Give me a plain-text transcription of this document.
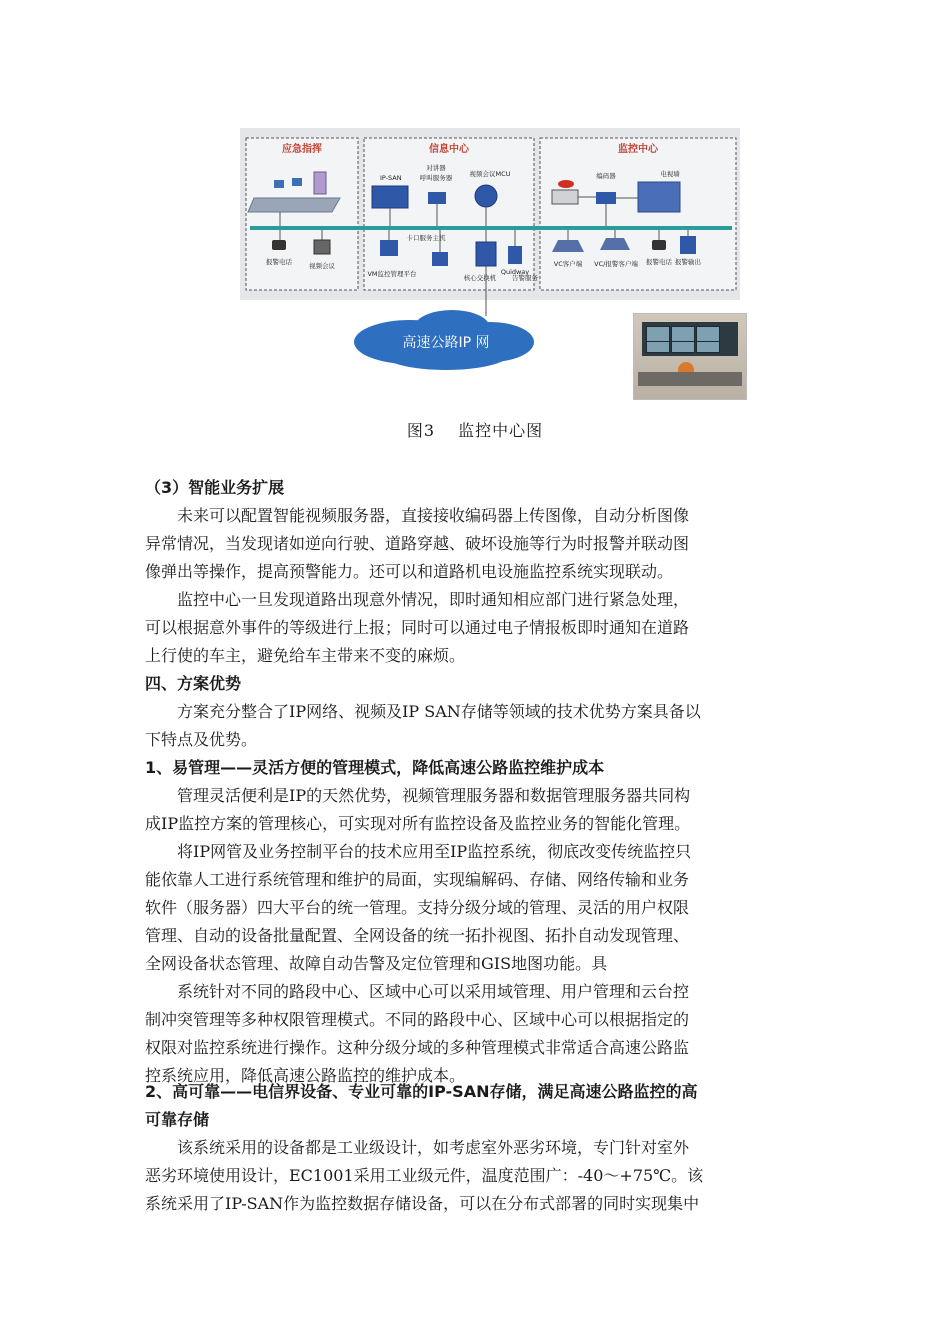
应急指挥	信息中心	监控中心
报警电话	视频会议
IP-SAN
对讲器
呼叫服务器	视频会议MCU
VM监控管理平台
卡口服务主机
核心交换机
Quidway
告警服务
编码器	电视墙
VC客户端 VC/报警客户端 报警电话 报警输出
高速公路IP 网
图3　 监控中心图
（3）智能业务扩展
未来可以配置智能视频服务器，直接接收编码器上传图像，自动分析图像
异常情况，当发现诸如逆向行驶、道路穿越、破坏设施等行为时报警并联动图
像弹出等操作，提高预警能力。还可以和道路机电设施监控系统实现联动。
监控中心一旦发现道路出现意外情况，即时通知相应部门进行紧急处理，
可以根据意外事件的等级进行上报；同时可以通过电子情报板即时通知在道路
上行使的车主，避免给车主带来不变的麻烦。
四、方案优势
方案充分整合了IP网络、视频及IP SAN存储等领域的技术优势方案具备以
下特点及优势。
1、易管理——灵活方便的管理模式，降低高速公路监控维护成本
管理灵活便利是IP的天然优势，视频管理服务器和数据管理服务器共同构
成IP监控方案的管理核心，可实现对所有监控设备及监控业务的智能化管理。
将IP网管及业务控制平台的技术应用至IP监控系统，彻底改变传统监控只
能依靠人工进行系统管理和维护的局面，实现编解码、存储、网络传输和业务
软件（服务器）四大平台的统一管理。支持分级分域的管理、灵活的用户权限
管理、自动的设备批量配置、全网设备的统一拓扑视图、拓扑自动发现管理、
全网设备状态管理、故障自动告警及定位管理和GIS地图功能。具
系统针对不同的路段中心、区域中心可以采用域管理、用户管理和云台控
制冲突管理等多种权限管理模式。不同的路段中心、区域中心可以根据指定的
权限对监控系统进行操作。这种分级分域的多种管理模式非常适合高速公路监
控系统应用，降低高速公路监控的维护成本。
2、高可靠——电信界设备、专业可靠的IP-SAN存储，满足高速公路监控的高
可靠存储
该系统采用的设备都是工业级设计，如考虑室外恶劣环境，专门针对室外
恶劣环境使用设计，EC1001采用工业级元件，温度范围广：-40～+75℃。该
系统采用了IP-SAN作为监控数据存储设备，可以在分布式部署的同时实现集中
